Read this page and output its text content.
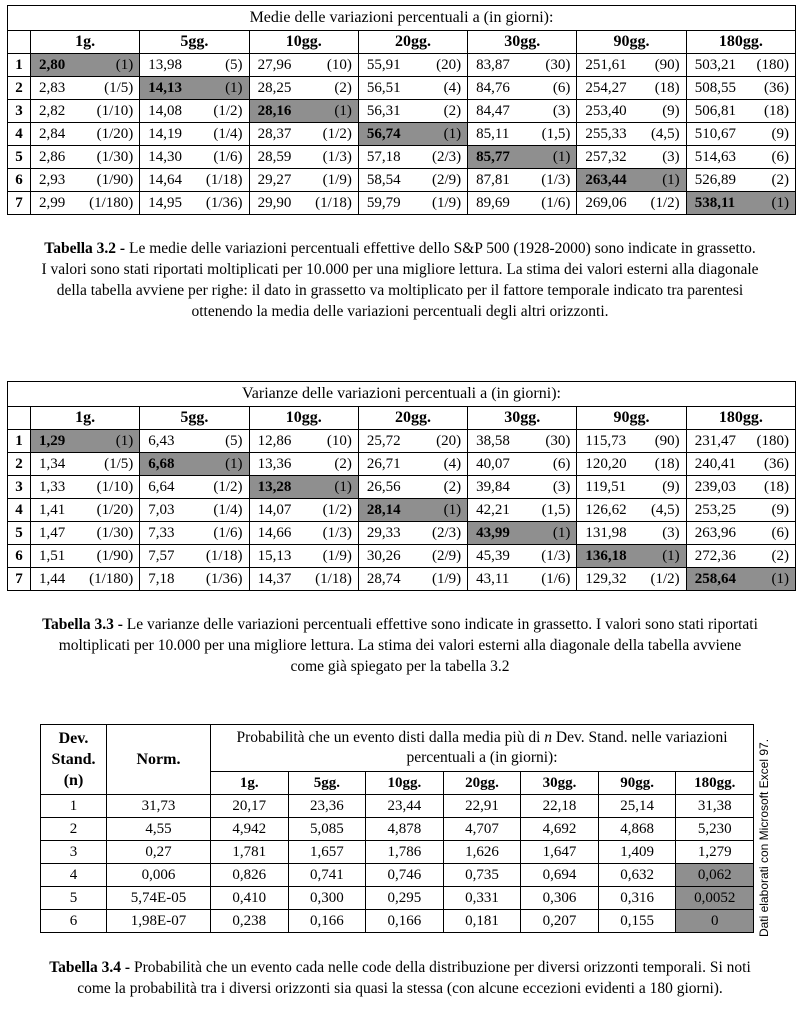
Medie delle variazioni percentuali a (in giorni):							
	1g.	5gg.	10gg.	20gg.	30gg.	90gg.	180gg.
1	2,80 (1)	13,98 (5)	27,96 (10)	55,91 (20)	83,87 (30)	251,61 (90)	503,21 (180)

2	2,83 (1/5)	14,13 (1)	28,25 (2)	56,51 (4)	84,76 (6)	254,27 (18)	508,55 (36)

3	2,82 (1/10)	14,08 (1/2)	28,16 (1)	56,31 (2)	84,47 (3)	253,40 (9)	506,81 (18)

4	2,84 (1/20)	14,19 (1/4)	28,37 (1/2)	56,74 (1)	85,11 (1,5)	255,33 (4,5)	510,67 (9)

5	2,86 (1/30)	14,30 (1/6)	28,59 (1/3)	57,18 (2/3)	85,77 (1)	257,32 (3)	514,63 (6)

6	2,93 (1/90)	14,64 (1/18)	29,27 (1/9)	58,54 (2/9)	87,81 (1/3)	263,44 (1)	526,89 (2)

7	2,99 (1/180)	14,95 (1/36)	29,90 (1/18)	59,79 (1/9)	89,69 (1/6)	269,06 (1/2)	538,11 (1)
Tabella 3.2 - Le medie delle variazioni percentuali effettive dello S&P 500 (1928-2000) sono indicate in grassetto. I valori sono stati riportati moltiplicati per 10.000 per una migliore lettura. La stima dei valori esterni alla diagonale della tabella avviene per righe: il dato in grassetto va moltiplicato per il fattore temporale indicato tra parentesi ottenendo la media delle variazioni percentuali degli altri orizzonti.
Varianze delle variazioni percentuali a (in giorni):							
	1g.	5gg.	10gg.	20gg.	30gg.	90gg.	180gg.
1	1,29 (1)	6,43 (5)	12,86 (10)	25,72 (20)	38,58 (30)	115,73 (90)	231,47 (180)

2	1,34 (1/5)	6,68 (1)	13,36 (2)	26,71 (4)	40,07 (6)	120,20 (18)	240,41 (36)

3	1,33 (1/10)	6,64 (1/2)	13,28 (1)	26,56 (2)	39,84 (3)	119,51 (9)	239,03 (18)

4	1,41 (1/20)	7,03 (1/4)	14,07 (1/2)	28,14 (1)	42,21 (1,5)	126,62 (4,5)	253,25 (9)

5	1,47 (1/30)	7,33 (1/6)	14,66 (1/3)	29,33 (2/3)	43,99 (1)	131,98 (3)	263,96 (6)

6	1,51 (1/90)	7,57 (1/18)	15,13 (1/9)	30,26 (2/9)	45,39 (1/3)	136,18 (1)	272,36 (2)

7	1,44 (1/180)	7,18 (1/36)	14,37 (1/18)	28,74 (1/9)	43,11 (1/6)	129,32 (1/2)	258,64 (1)
Tabella 3.3 - Le varianze delle variazioni percentuali effettive sono indicate in grassetto. I valori sono stati riportati moltiplicati per 10.000 per una migliore lettura. La stima dei valori esterni alla diagonale della tabella avviene come già spiegato per la tabella 3.2
Dev. Stand. (n)	Norm.	Probabilità che un evento disti dalla media più di n Dev. Stand. nelle variazioni percentuali a (in giorni):						
		1g.	5gg.	10gg.	20gg.	30gg.	90gg.	180gg.
1	31,73	20,17	23,36	23,44	22,91	22,18	25,14	31,38
2	4,55	4,942	5,085	4,878	4,707	4,692	4,868	5,230
3	0,27	1,781	1,657	1,786	1,626	1,647	1,409	1,279
4	0,006	0,826	0,741	0,746	0,735	0,694	0,632	0,062
5	5,74E-05	0,410	0,300	0,295	0,331	0,306	0,316	0,0052
6	1,98E-07	0,238	0,166	0,166	0,181	0,207	0,155	0	Dati elaborati con Microsoft Excel 97.
Tabella 3.4 - Probabilità che un evento cada nelle code della distribuzione per diversi orizzonti temporali. Si noti come la probabilità tra i diversi orizzonti sia quasi la stessa (con alcune eccezioni evidenti a 180 giorni).
